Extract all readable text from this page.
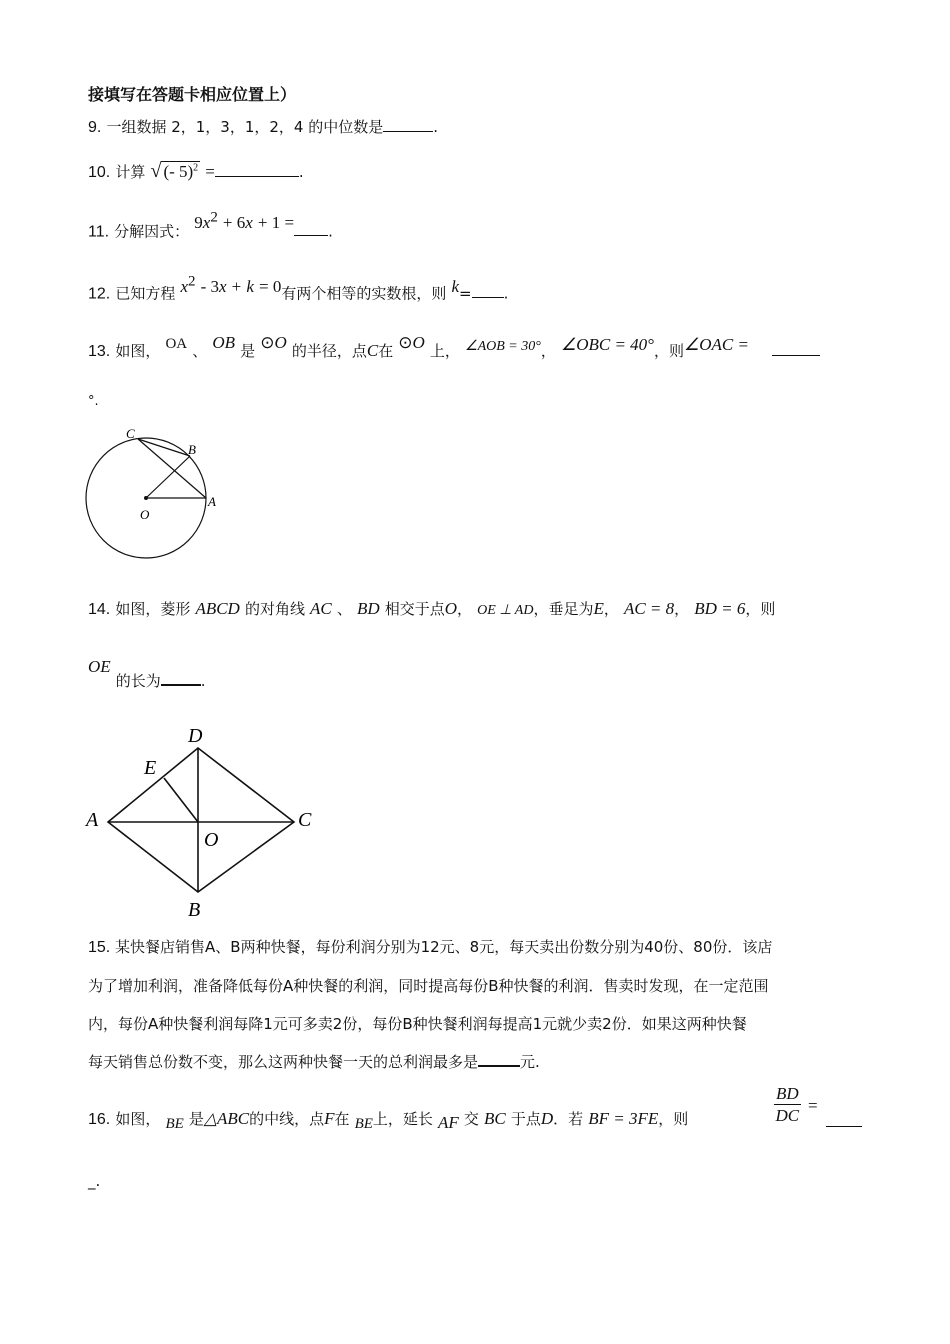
接填写在答题卡相应位置上）
9. 一组数据 2，1，3，1，2，4 的中位数是	.
10. 计算 √ (- 5)$^2$ =	.
11. 分解因式： $9x^2 + 6x + 1$ = .
12. 已知方程 $x^2 - 3x + k = 0$有两个相等的实数根，则 k= .
13. 如图， OA 、 OB 是 ⊙O 的半径，点C在 ⊙O 上， ∠AOB = 30°， ∠OBC = 40°，则∠OAC =
°.
C
B
O
A
14. 如图，菱形 ABCD 的对角线 AC 、 BD 相交于点O， OE ⊥ AD，垂足为E， AC = 8， BD = 6，则
OE 的长为	.
D
E
A
O
C
B
15. 某快餐店销售A、B两种快餐，每份利润分别为12元、8元，每天卖出份数分别为40份、80份．该店
为了增加利润，准备降低每份A种快餐的利润，同时提高每份B种快餐的利润．售卖时发现，在一定范围
内，每份A种快餐利润每降1元可多卖2份，每份B种快餐利润每提高1元就少卖2份．如果这两种快餐
每天销售总份数不变，那么这两种快餐一天的总利润最多是	元.
16. 如图， BE 是△ABC的中线，点F在 BE上，延长 AF 交 BC 于点D．若 BF = 3FE，则	$\frac{BD}{DC}$ =
_.
